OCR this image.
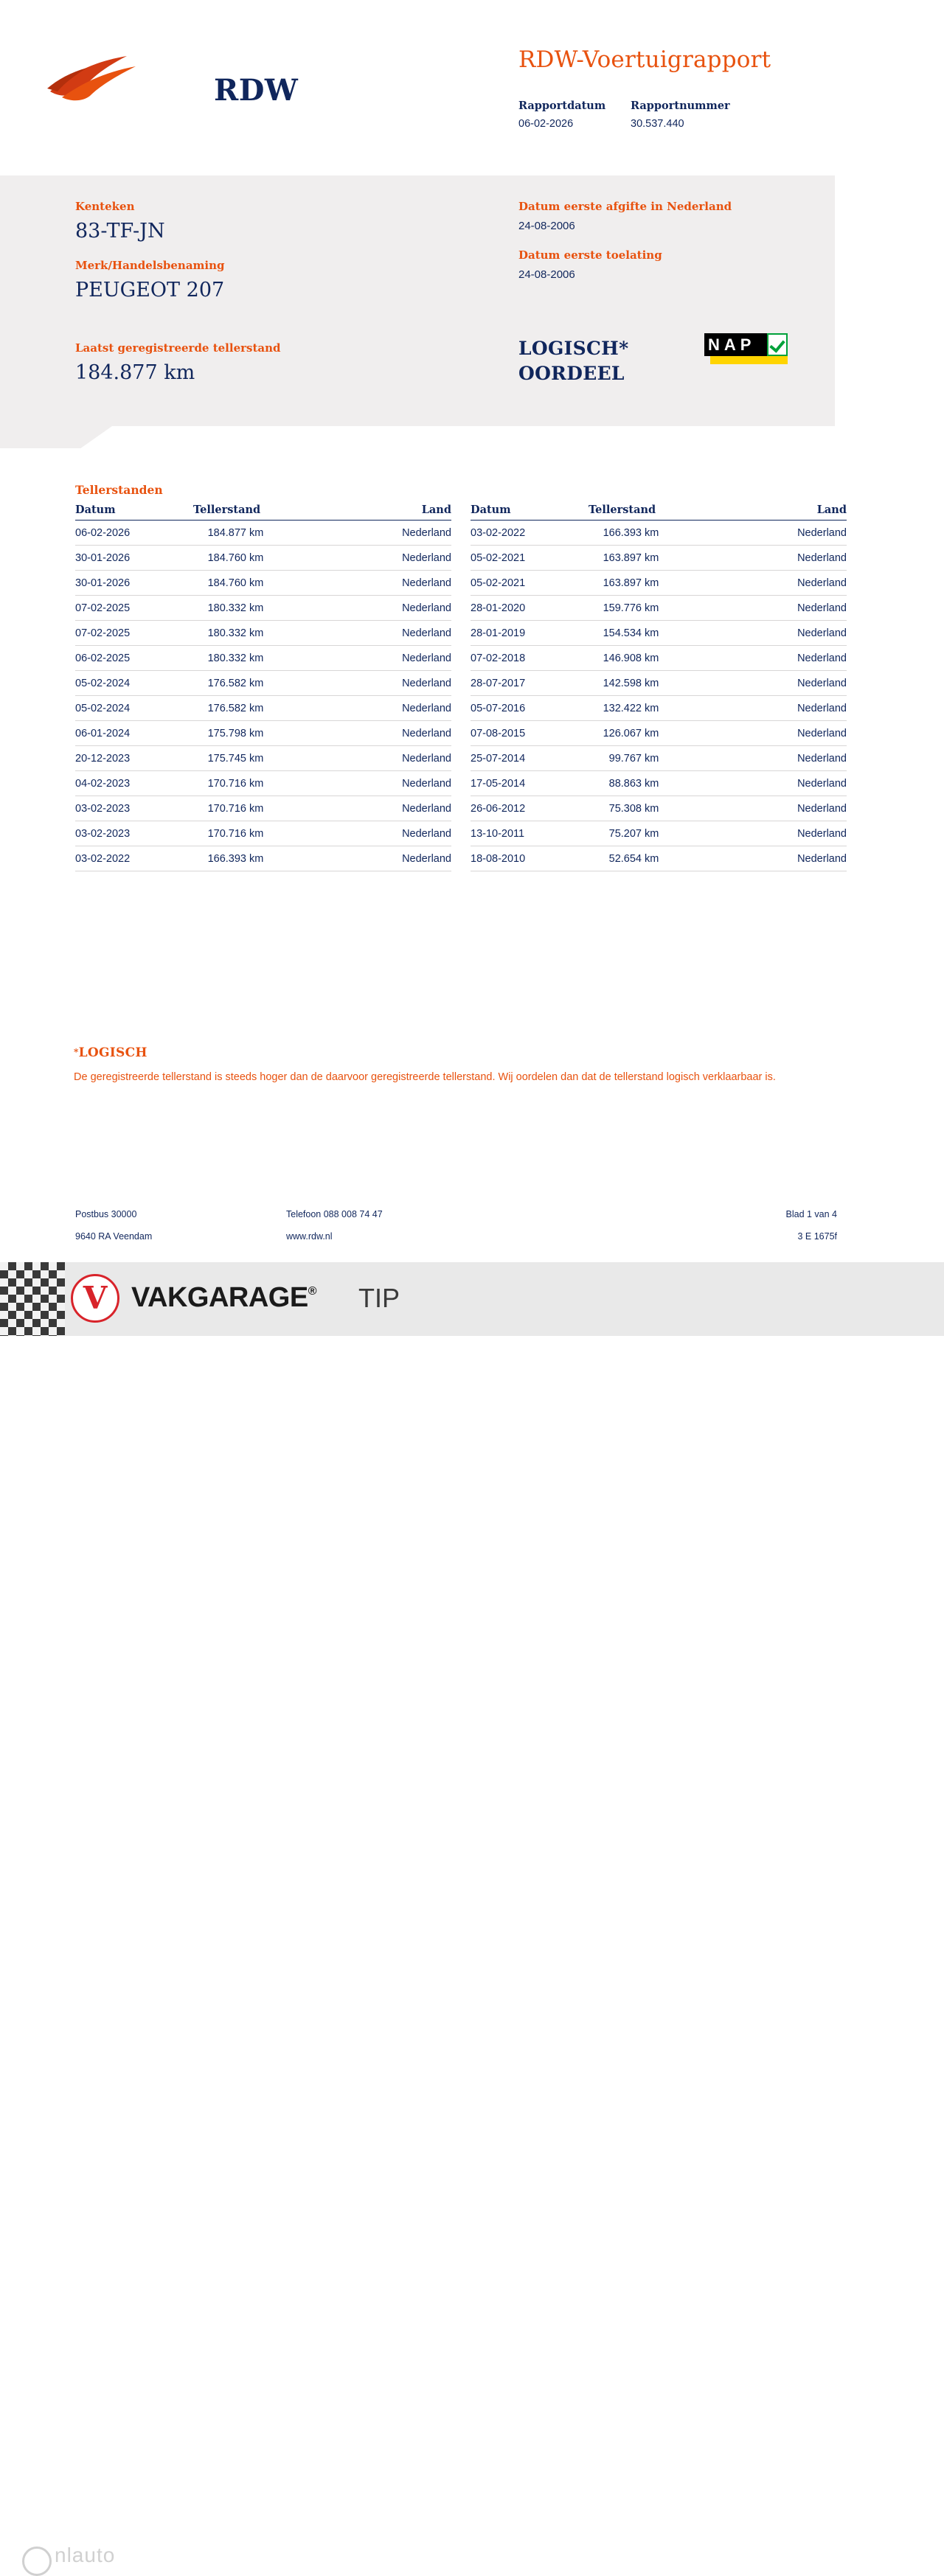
RDW
RDW-Voertuigrapport
Rapportdatum
06-02-2026
Rapportnummer
30.537.440
Kenteken
83-TF-JN
Merk/Handelsbenaming
PEUGEOT 207
Laatst geregistreerde tellerstand
184.877 km
Datum eerste afgifte in Nederland
24-08-2006
Datum eerste toelating
24-08-2006
LOGISCH*
OORDEEL
NAP
Tellerstanden
Datum	Tellerstand	Land
06-02-2026	184.877 km	Nederland
30-01-2026	184.760 km	Nederland
30-01-2026	184.760 km	Nederland
07-02-2025	180.332 km	Nederland
07-02-2025	180.332 km	Nederland
06-02-2025	180.332 km	Nederland
05-02-2024	176.582 km	Nederland
05-02-2024	176.582 km	Nederland
06-01-2024	175.798 km	Nederland
20-12-2023	175.745 km	Nederland
04-02-2023	170.716 km	Nederland
03-02-2023	170.716 km	Nederland
03-02-2023	170.716 km	Nederland
03-02-2022	166.393 km	Nederland
Datum	Tellerstand	Land
03-02-2022	166.393 km	Nederland
05-02-2021	163.897 km	Nederland
05-02-2021	163.897 km	Nederland
28-01-2020	159.776 km	Nederland
28-01-2019	154.534 km	Nederland
07-02-2018	146.908 km	Nederland
28-07-2017	142.598 km	Nederland
05-07-2016	132.422 km	Nederland
07-08-2015	126.067 km	Nederland
25-07-2014	99.767 km	Nederland
17-05-2014	88.863 km	Nederland
26-06-2012	75.308 km	Nederland
13-10-2011	75.207 km	Nederland
18-08-2010	52.654 km	Nederland
*LOGISCH
De geregistreerde tellerstand is steeds hoger dan de daarvoor geregistreerde tellerstand. Wij oordelen dan dat de tellerstand logisch verklaarbaar is.
Postbus 30000	Telefoon 088 008 74 47	Blad 1 van 4
9640 RA Veendam	www.rdw.nl	3 E 1675f
V
VAKGARAGE® TIP
nlauto
